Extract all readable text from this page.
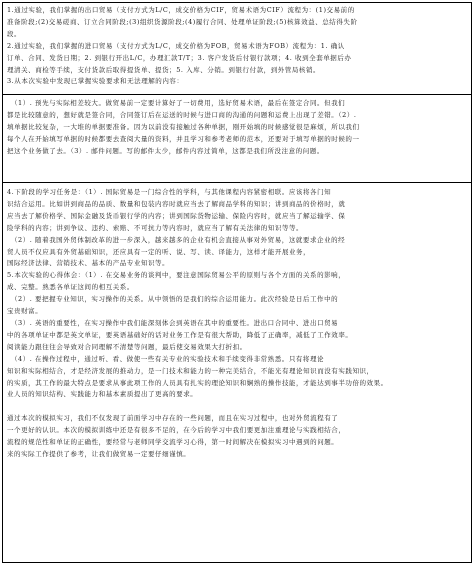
1.通过实验，我们掌握的出口贸易（支付方式为L/C，成交价格为CIF，贸易术语为CIF）流程为：(1)交易前的

准备阶段;(2)交易磋商、订立合同阶段;(3)组织货源阶段;(4)履行合同、处理单证阶段;(5)核算效益、总结得失阶

段。

2.通过实验，我们掌握的进口贸易（支付方式为L/C，成交价格为FOB，贸易术语为FOB）流程为：1. 确认

订单、合同、发货日期；2. 到银行开出L/C，办理汇款T/T；3. 客户发货后付银行款项；4. 收到全套单据后办

理清关、商检等手续，支付货款后取得提货单、提货；5. 入库、分销。到银行付款，到外管局核销。

3.从本次实验中发现已掌握实验要求和无法理解的内容：

（1）. 预先与实际相差较大。做贸易前一定要计算好了一切费用，选好贸易术语，最后在签定合同。但我们

都是比较随意的，想好就是签合同，合同签订后在运送的时候与进口商的沟通的问题和运费上出现了差错。（2）.

填单据比较复杂，一大堆的单据要准备。因为以前没有接触过各种单据，刚开始填的时候感觉很是麻烦，所以我们

每个人在开始填写单据的时候都要去查阅大量的资料，并且学习和参考老师的范本，还要对于填写单据的时候的一

把这个业务做了去。（3）. 邮件问题。写的邮件太少，邮件内容过简单，这都是我们所没注意的问题。

4.下阶段的学习任务是：（1）. 国际贸易是一门综合性的学科，与其他课程内容紧密相联。应该将各门知

识结合运用。比如讲到商品的品质、数量和包装内容时就应当去了解商品学科的知识；讲到商品的价格时，就

应当去了解价格学、国际金融及货币银行学的内容；讲到国际货物运输、保险内容时，就应当了解运输学、保

险学科的内容；讲到争议、违约、索赔、不可抗力等内容时，就应当了解有关法律的知识等等。

（2）. 随着我国外贸体制改革的进一步深入，越来越多的企业有机会直接从事对外贸易，这就要求企业的经

贸人员不仅应具有外贸基础知识，还应具有一定的听、说、写、读、译能力，这样才能开展业务，

国际经济法律、营销技术、基本的产品专业知识等。

5.本次实验的心得体会：（1）. 在交易业务的谈判中，要注意国际贸易公平的原则与各个方面的关系的影响，

成、完整。熟悉各单证这间的相互关系。

（2）. 要把握专业知识，实习操作的关系。从中领悟的是我们的综合运用能力。此次经验是日后工作中的

宝贵财富。

（3）. 英语的重要性，在实习操作中我们能深刻体会到英语在其中的重要性。进出口合同中、进出口贸易

中的各项单证中都是英文单证，要英语基础好的话对业务工作是有很大帮助，降低了正确率，减低了工作效率。

阅读能力跟往往会导致对合同理解不清楚等问题，最后使交易效果大打折扣。

（4）. 在操作过程中，通过听、看、做使一些有关专业的实验技术和手续变得非常熟悉。只有将理论

知识和实际相结合，才是经济发展的推动力，是一门技术和能力的一种完美结合，不能光有理论知识而没有实践知识，

的实质，其工作的最大特点是要求从事此项工作的人员具有扎实的理论知识和娴熟的操作技能，才能达到事半功倍的效果。

业人员的知识结构、实践能力和基本素质提出了更高的要求。

通过本次的模拟实习，我们不仅发现了前面学习中存在的一些问题，而且在实习过程中，也对外贸流程有了

一个更好的认识。本次的模拟训练中还是有很多不足的，在今后的学习中我们要更加注重理论与实践相结合，

流程的规范性和单证的正确性，要经常与老师同学交流学习心得，第一时间解决在模拟实习中遇到的问题。

来的实际工作提供了参考，让我们做贸易一定要仔细谨慎。
